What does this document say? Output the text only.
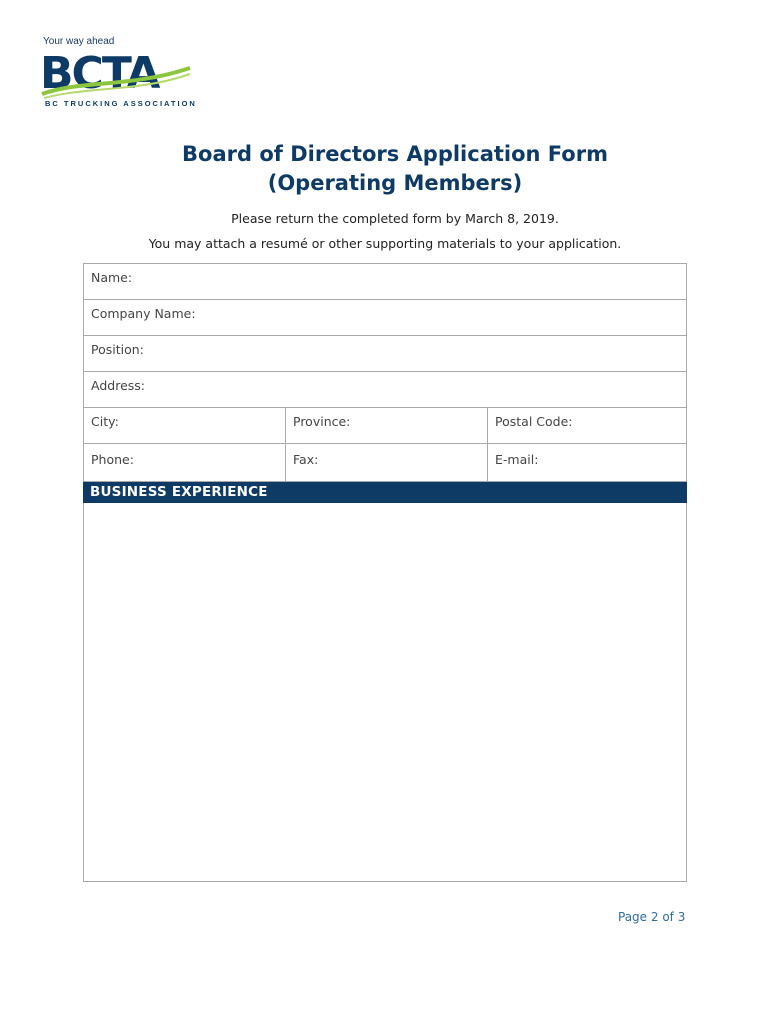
Your way ahead
BCTA
BC TRUCKING ASSOCIATION
Board of Directors Application Form
(Operating Members)
Please return the completed form by March 8, 2019.
You may attach a resumé or other supporting materials to your application.
Name:
Company Name:
Position:
Address:
City:	Province:	Postal Code:
Phone:	Fax:	E-mail:
BUSINESS EXPERIENCE
Page 2 of 3
